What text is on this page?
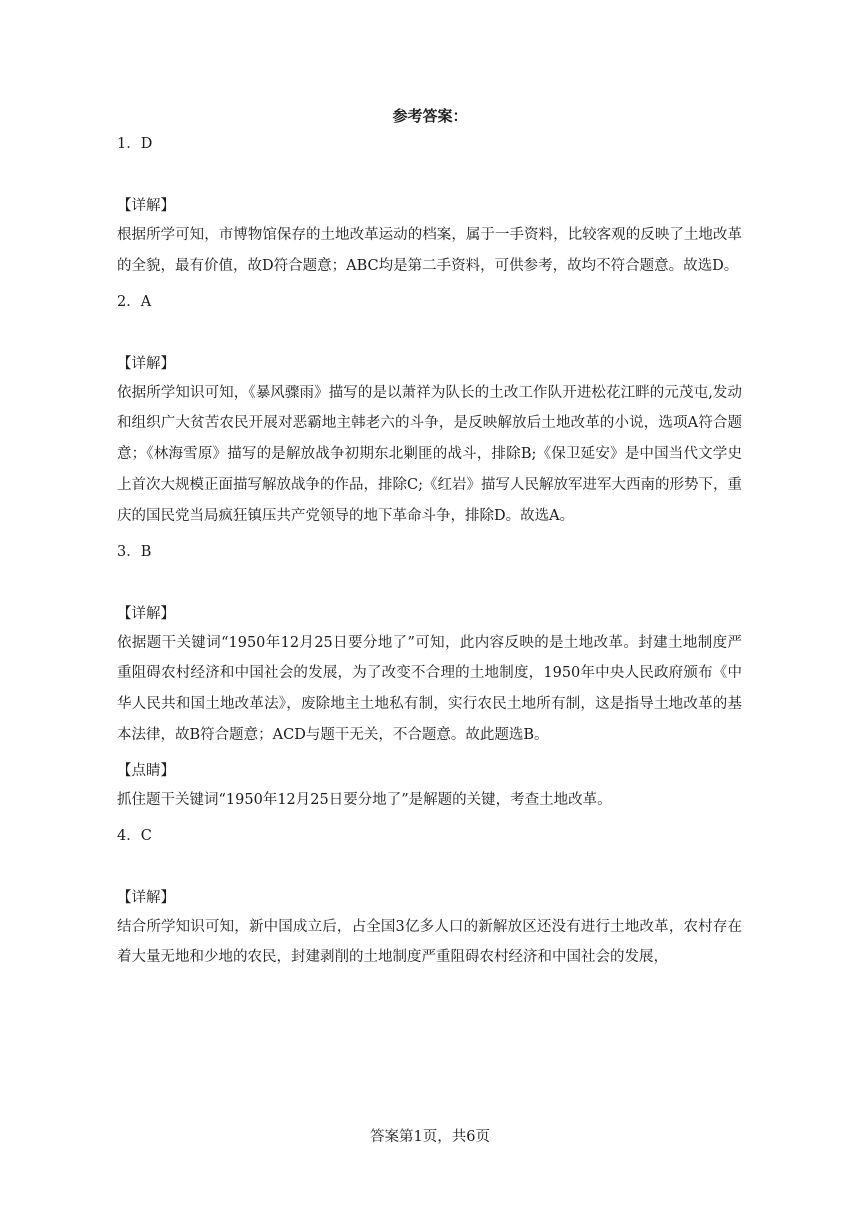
参考答案：
1．D
【详解】

根据所学可知，市博物馆保存的土地改革运动的档案，属于一手资料，比较客观的反映了土地改革的全貌，最有价值，故D符合题意；ABC均是第二手资料，可供参考，故均不符合题意。故选D。

2．A
【详解】

依据所学知识可知，《暴风骤雨》描写的是以萧祥为队长的土改工作队开进松花江畔的元茂屯,发动和组织广大贫苦农民开展对恶霸地主韩老六的斗争，是反映解放后土地改革的小说，选项A符合题意；《林海雪原》描写的是解放战争初期东北剿匪的战斗，排除B;《保卫延安》是中国当代文学史上首次大规模正面描写解放战争的作品，排除C;《红岩》描写人民解放军进军大西南的形势下，重庆的国民党当局疯狂镇压共产党领导的地下革命斗争，排除D。故选A。

3．B
【详解】

依据题干关键词“1950年12月25日要分地了”可知，此内容反映的是土地改革。封建土地制度严重阻碍农村经济和中国社会的发展，为了改变不合理的土地制度，1950年中央人民政府颁布《中华人民共和国土地改革法》，废除地主土地私有制，实行农民土地所有制，这是指导土地改革的基本法律，故B符合题意；ACD与题干无关，不合题意。故此题选B。

【点睛】

抓住题干关键词“1950年12月25日要分地了”是解题的关键，考查土地改革。

4．C
【详解】

结合所学知识可知，新中国成立后，占全国3亿多人口的新解放区还没有进行土地改革，农村存在着大量无地和少地的农民，封建剥削的土地制度严重阻碍农村经济和中国社会的发展，

答案第1页，共6页
